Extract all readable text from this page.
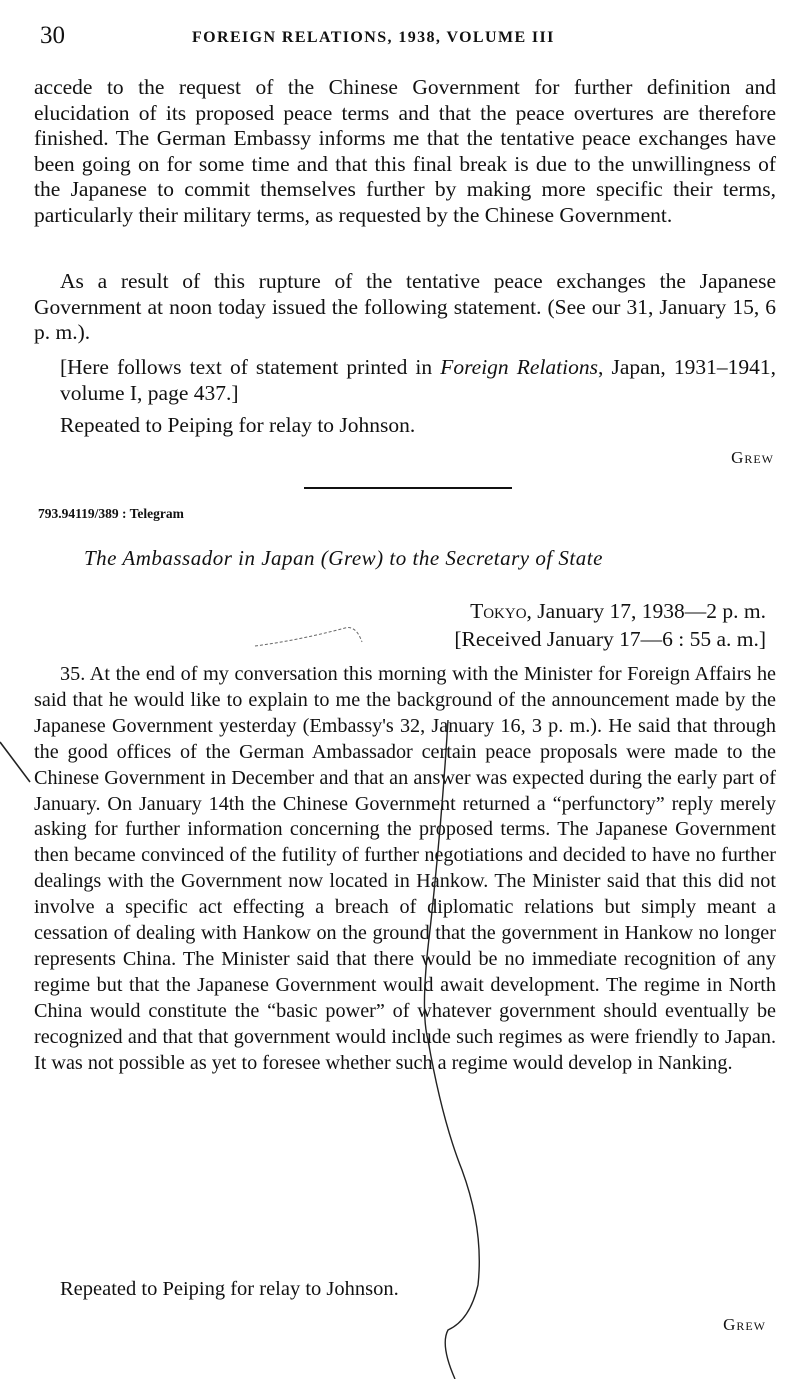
30	FOREIGN RELATIONS, 1938, VOLUME III

accede to the request of the Chinese Government for further definition and elucidation of its proposed peace terms and that the peace overtures are therefore finished. The German Embassy informs me that the tentative peace exchanges have been going on for some time and that this final break is due to the unwillingness of the Japanese to commit themselves further by making more specific their terms, particularly their military terms, as requested by the Chinese Government.

As a result of this rupture of the tentative peace exchanges the Japanese Government at noon today issued the following statement. (See our 31, January 15, 6 p. m.).

[Here follows text of statement printed in Foreign Relations, Japan, 1931–1941, volume I, page 437.]

Repeated to Peiping for relay to Johnson.

Grew
793.94119/389 : Telegram
The Ambassador in Japan (Grew) to the Secretary of State
Tokyo, January 17, 1938—2 p. m.
[Received January 17—6 : 55 a. m.]

35. At the end of my conversation this morning with the Minister for Foreign Affairs he said that he would like to explain to me the background of the announcement made by the Japanese Government yesterday (Embassy's 32, January 16, 3 p. m.). He said that through the good offices of the German Ambassador certain peace proposals were made to the Chinese Government in December and that an answer was expected during the early part of January. On January 14th the Chinese Government returned a “perfunctory” reply merely asking for further information concerning the proposed terms. The Japanese Government then became convinced of the futility of further negotiations and decided to have no further dealings with the Government now located in Hankow. The Minister said that this did not involve a specific act effecting a breach of diplomatic relations but simply meant a cessation of dealing with Hankow on the ground that the government in Hankow no longer represents China. The Minister said that there would be no immediate recognition of any regime but that the Japanese Government would await development. The regime in North China would constitute the “basic power” of whatever government should eventually be recognized and that that government would include such regimes as were friendly to Japan. It was not possible as yet to foresee whether such a regime would develop in Nanking.

Repeated to Peiping for relay to Johnson.
Grew
